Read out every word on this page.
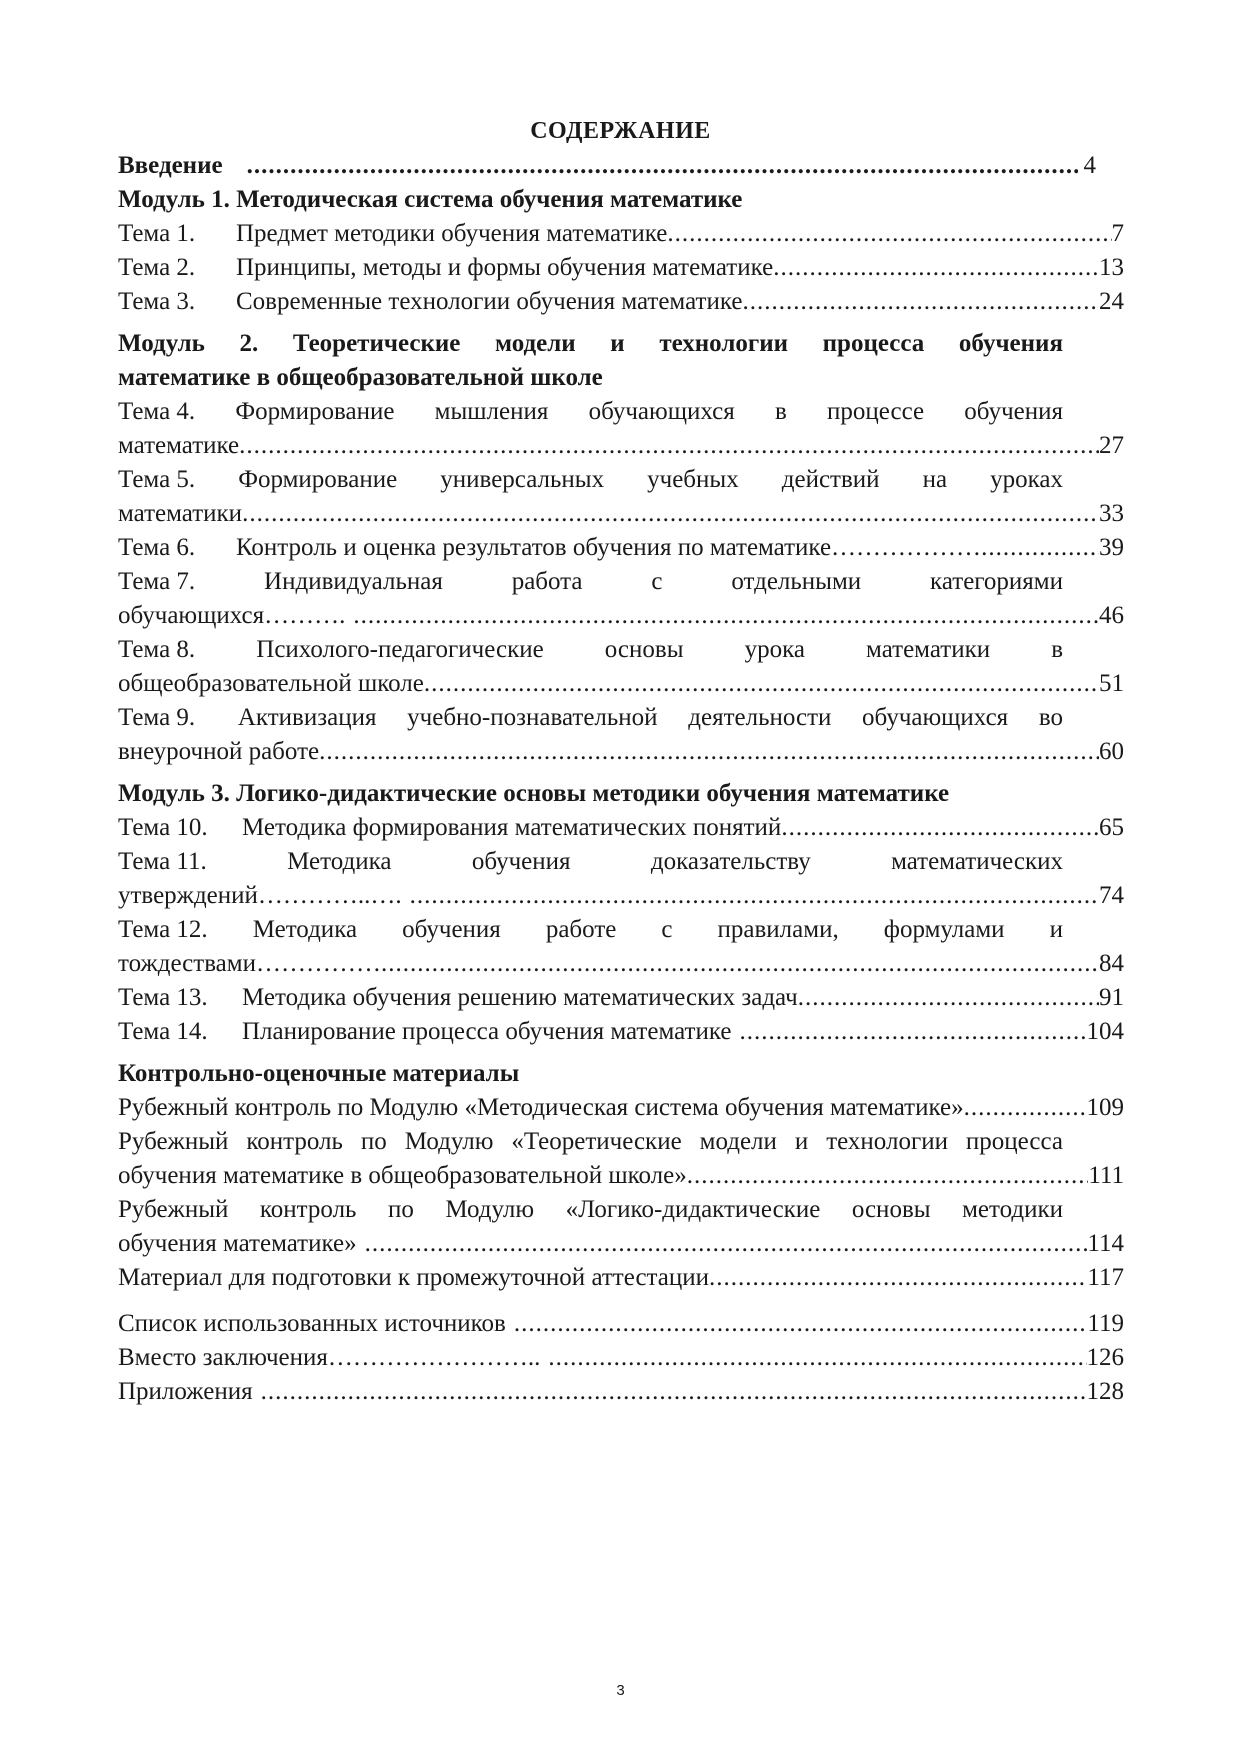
СОДЕРЖАНИЕ
Введение .....	4
Модуль 1. Методическая система обучения математике
Тема 1.	Предмет методики обучения математике .....	7
Тема 2.	Принципы, методы и формы обучения математике .....	13
Тема 3.	Современные технологии обучения математике .....	24
Модуль 2. Теоретические модели и технологии процесса обучения
математике в общеобразовательной школе
Тема 4. Формирование мышления обучающихся в процессе обучения
математике .....	27
Тема 5. Формирование универсальных учебных действий на уроках
математики .....	33
Тема 6.	Контроль и оценка результатов обучения по математике……………… .....	39
Тема 7.	Индивидуальная работа с отдельными категориями
обучающихся………. .....	46
Тема 8. Психолого-педагогические основы урока математики в
общеобразовательной школе .....	51
Тема 9. Активизация учебно-познавательной деятельности обучающихся во
внеурочной работе .....	60
Модуль 3. Логико-дидактические основы методики обучения математике
Тема 10.	Методика формирования математических понятий .....	65
Тема 11.	Методика обучения доказательству математических
утверждений…………..…. .....	74
Тема 12. Методика обучения работе с правилами, формулами и
тождествами…………… .....	84
Тема 13.	Методика обучения решению математических задач .....	91
Тема 14.	Планирование процесса обучения математике .....	104
Контрольно-оценочные материалы
Рубежный контроль по Модулю «Методическая система обучения математике» .....	109
Рубежный контроль по Модулю «Теоретические модели и технологии процесса
обучения математике в общеобразовательной школе» .....	111
Рубежный контроль по Модулю «Логико-дидактические основы методики
обучения математике» .....	114
Материал для подготовки к промежуточной аттестации .....	117
Список использованных источников .....	119
Вместо заключения…………………….. .....	126
Приложения .....	128
3
